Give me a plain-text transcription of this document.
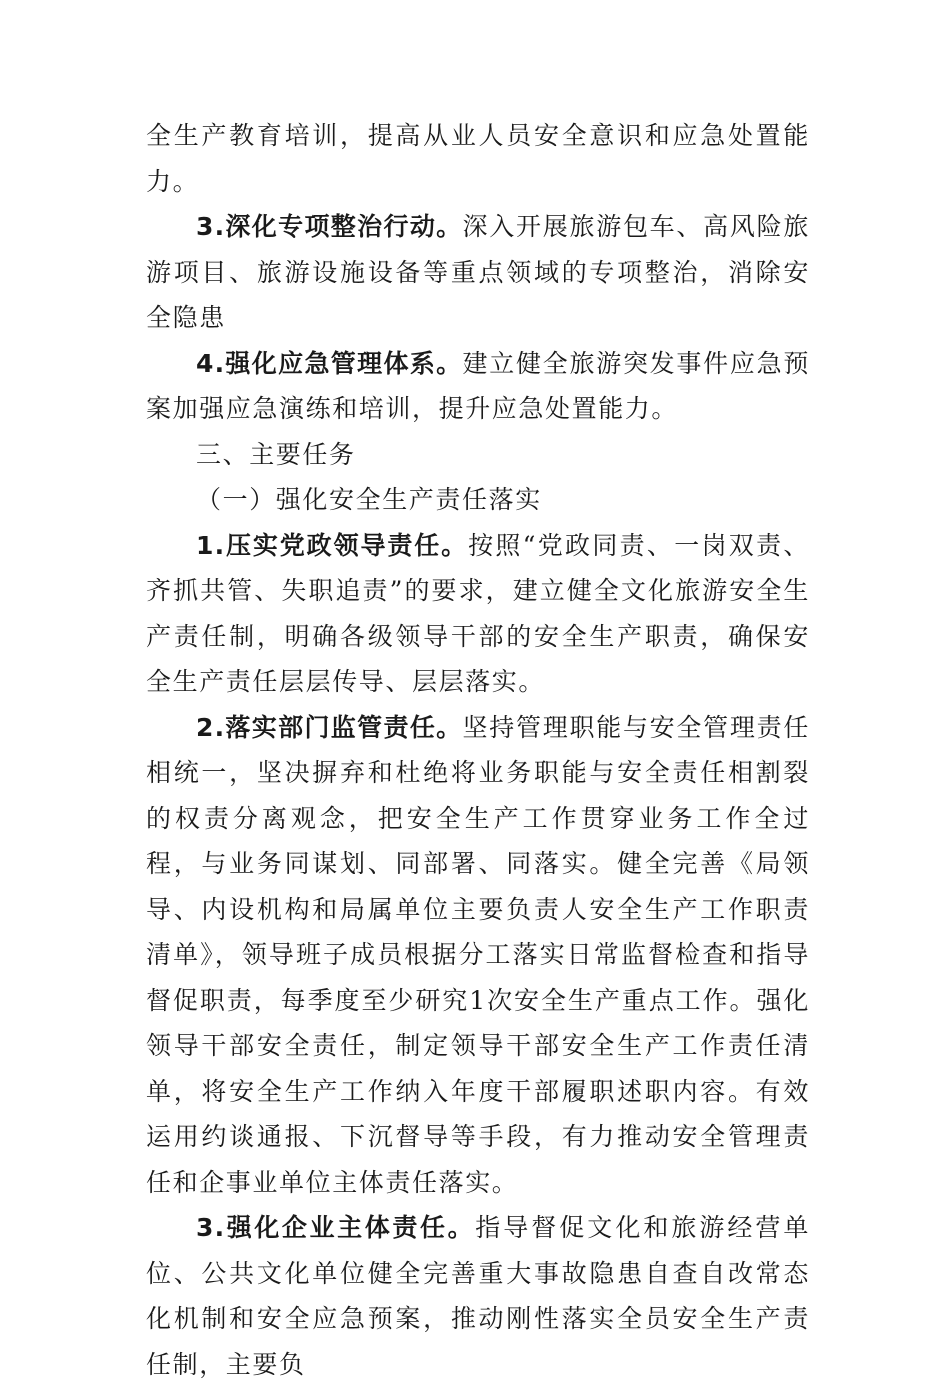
全生产教育培训，提高从业人员安全意识和应急处置能力。

3.深化专项整治行动。深入开展旅游包车、高风险旅游项目、旅游设施设备等重点领域的专项整治，消除安全隐患

4.强化应急管理体系。建立健全旅游突发事件应急预案加强应急演练和培训，提升应急处置能力。

三、主要任务

（一）强化安全生产责任落实

1.压实党政领导责任。按照“党政同责、一岗双责、齐抓共管、失职追责”的要求，建立健全文化旅游安全生产责任制，明确各级领导干部的安全生产职责，确保安全生产责任层层传导、层层落实。

2.落实部门监管责任。坚持管理职能与安全管理责任相统一，坚决摒弃和杜绝将业务职能与安全责任相割裂的权责分离观念，把安全生产工作贯穿业务工作全过程，与业务同谋划、同部署、同落实。健全完善《局领导、内设机构和局属单位主要负责人安全生产工作职责清单》，领导班子成员根据分工落实日常监督检查和指导督促职责，每季度至少研究1次安全生产重点工作。强化领导干部安全责任，制定领导干部安全生产工作责任清单，将安全生产工作纳入年度干部履职述职内容。有效运用约谈通报、下沉督导等手段，有力推动安全管理责任和企事业单位主体责任落实。

3.强化企业主体责任。指导督促文化和旅游经营单位、公共文化单位健全完善重大事故隐患自查自改常态化机制和安全应急预案，推动刚性落实全员安全生产责任制，主要负
